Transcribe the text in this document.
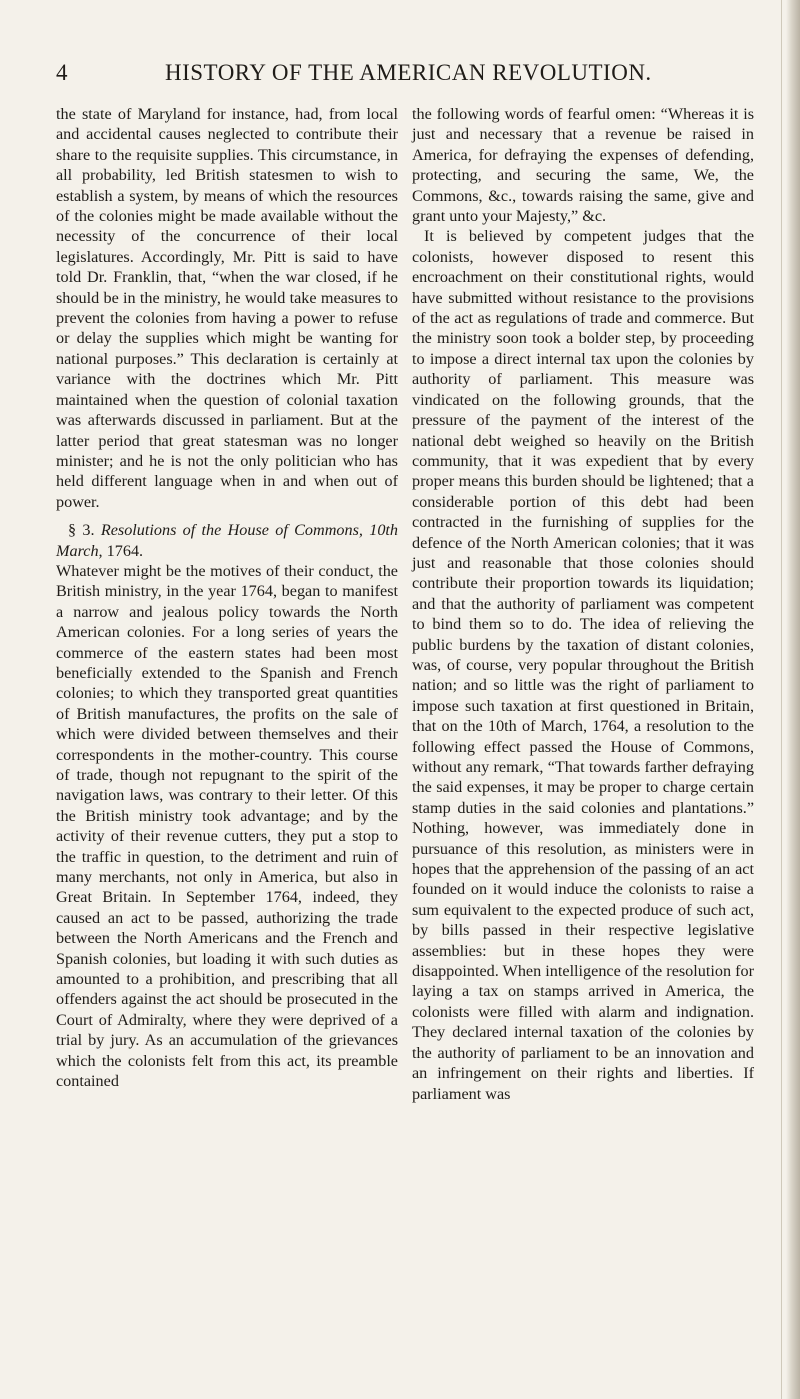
4	HISTORY OF THE AMERICAN REVOLUTION.

the state of Maryland for instance, had, from local and accidental causes neglected to contribute their share to the requisite supplies. This circumstance, in all probability, led British statesmen to wish to establish a system, by means of which the resources of the colonies might be made available without the necessity of the concurrence of their local legislatures. Accordingly, Mr. Pitt is said to have told Dr. Franklin, that, “when the war closed, if he should be in the ministry, he would take measures to prevent the colonies from having a power to refuse or delay the supplies which might be wanting for national purposes.” This declaration is certainly at variance with the doctrines which Mr. Pitt maintained when the question of colonial taxation was afterwards discussed in parliament. But at the latter period that great statesman was no longer minister; and he is not the only politician who has held different language when in and when out of power.

§ 3. Resolutions of the House of Commons, 10th March, 1764.

Whatever might be the motives of their conduct, the British ministry, in the year 1764, began to manifest a narrow and jealous policy towards the North American colonies. For a long series of years the commerce of the eastern states had been most beneficially extended to the Spanish and French colonies; to which they transported great quantities of British manufactures, the profits on the sale of which were divided between themselves and their correspondents in the mother-country. This course of trade, though not repugnant to the spirit of the navigation laws, was contrary to their letter. Of this the British ministry took advantage; and by the activity of their revenue cutters, they put a stop to the traffic in question, to the detriment and ruin of many merchants, not only in America, but also in Great Britain. In September 1764, indeed, they caused an act to be passed, authorizing the trade between the North Americans and the French and Spanish colonies, but loading it with such duties as amounted to a prohibition, and prescribing that all offenders against the act should be prosecuted in the Court of Admiralty, where they were deprived of a trial by jury. As an accumulation of the grievances which the colonists felt from this act, its preamble contained

the following words of fearful omen: “Whereas it is just and necessary that a revenue be raised in America, for defraying the expenses of defending, protecting, and securing the same, We, the Commons, &c., towards raising the same, give and grant unto your Majesty,” &c.

It is believed by competent judges that the colonists, however disposed to resent this encroachment on their constitutional rights, would have submitted without resistance to the provisions of the act as regulations of trade and commerce. But the ministry soon took a bolder step, by proceeding to impose a direct internal tax upon the colonies by authority of parliament. This measure was vindicated on the following grounds, that the pressure of the payment of the interest of the national debt weighed so heavily on the British community, that it was expedient that by every proper means this burden should be lightened; that a considerable portion of this debt had been contracted in the furnishing of supplies for the defence of the North American colonies; that it was just and reasonable that those colonies should contribute their proportion towards its liquidation; and that the authority of parliament was competent to bind them so to do. The idea of relieving the public burdens by the taxation of distant colonies, was, of course, very popular throughout the British nation; and so little was the right of parliament to impose such taxation at first questioned in Britain, that on the 10th of March, 1764, a resolution to the following effect passed the House of Commons, without any remark, “That towards farther defraying the said expenses, it may be proper to charge certain stamp duties in the said colonies and plantations.” Nothing, however, was immediately done in pursuance of this resolution, as ministers were in hopes that the apprehension of the passing of an act founded on it would induce the colonists to raise a sum equivalent to the expected produce of such act, by bills passed in their respective legislative assemblies: but in these hopes they were disappointed. When intelligence of the resolution for laying a tax on stamps arrived in America, the colonists were filled with alarm and indignation. They declared internal taxation of the colonies by the authority of parliament to be an innovation and an infringement on their rights and liberties. If parliament was
